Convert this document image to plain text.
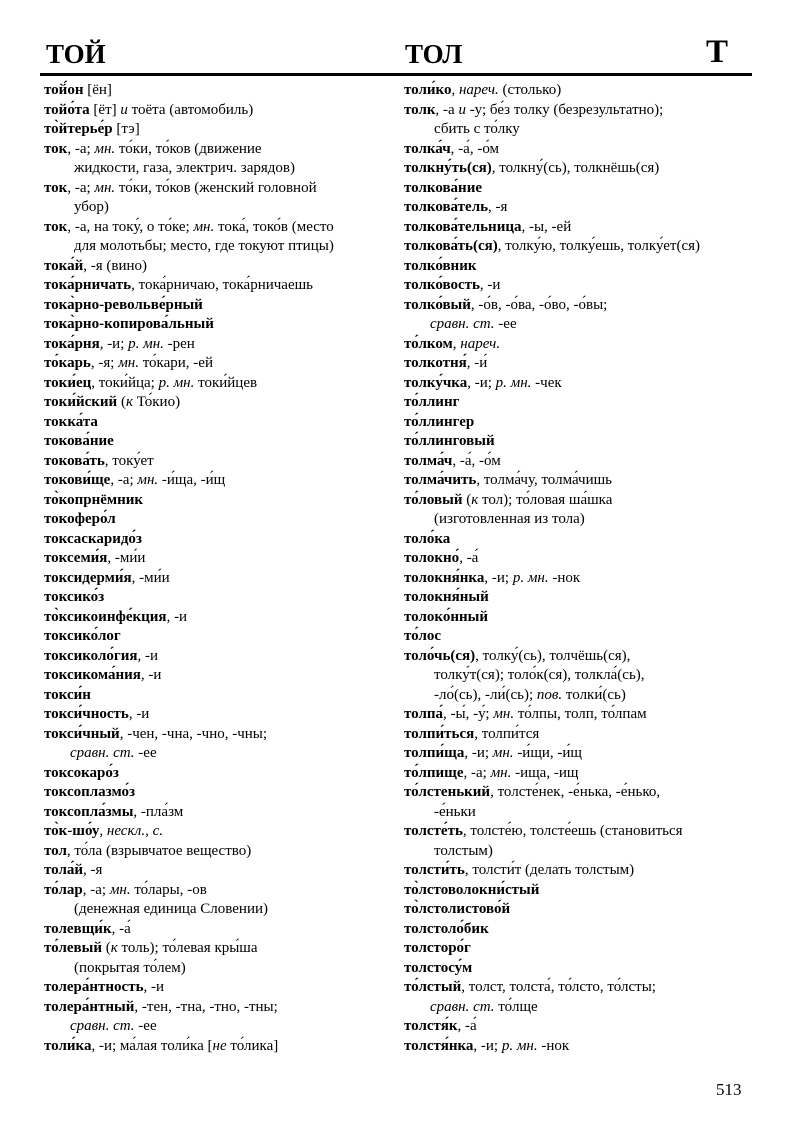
ТОЙ	ТОЛ	Т
той́он [ён]
тойо́та [ёт] и тоёта (автомобиль)
то̀йтерье́р [тэ]
ток, -а; мн. то́ки, то́ков (движение
жидкости, газа, электрич. зарядов)
ток, -а; мн. то́ки, то́ков (женский головной
убор)
ток, -а, на току́, о то́ке; мн. тока́, токо́в (место
для молотьбы; место, где токуют птицы)
тока́й, -я (вино)
тока́рничать, тока́рничаю, тока́рничаешь
тока̀рно-револьве́рный
тока̀рно-копирова́льный
тока́рня, -и; р. мн. -рен
то́карь, -я; мн. то́кари, -ей
токи́ец, токи́йца; р. мн. токи́йцев
токи́йский (к То́кио)
токка́та
токова́ние
токова́ть, току́ет
токови́ще, -а; мн. -и́ща, -и́щ
то̀копрнёмник
токоферо́л
токсаскаридо́з
токсеми́я, -ми́и
токсидерми́я, -ми́и
токсико́з
то̀ксикоинфе́кция, -и
токсико́лог
токсиколо́гия, -и
токсикома́ния, -и
токси́н
токси́чность, -и
токси́чный, -чен, -чна, -чно, -чны;
сравн. ст. -ее
токсокаро́з
токсоплазмо́з
токсопла́змы, -пла́зм
то̀к-шо́у, нескл., с.
тол, то́ла (взрывчатое вещество)
тола́й, -я
то́лар, -а; мн. то́лары, -ов
(денежная единица Словении)
толевщи́к, -а́
то́левый (к толь); то́левая кры́ша
(покрытая то́лем)
толера́нтность, -и
толера́нтный, -тен, -тна, -тно, -тны;
сравн. ст. -ее
толи́ка, -и; ма́лая толи́ка [не то́лика]
толи́ко, нареч. (столько)
толк, -а и -у; бе́з толку (безрезультатно);
сбить с то́лку
толка́ч, -а́, -о́м
толкну́ть(ся), толкну́(сь), толкнёшь(ся)
толкова́ние
толкова́тель, -я
толкова́тельница, -ы, -ей
толкова́ть(ся), толку́ю, толку́ешь, толку́ет(ся)
толко́вник
толко́вость, -и
толко́вый, -о́в, -о́ва, -о́во, -о́вы;
сравн. ст. -ее
то́лком, нареч.
толкотня́, -и́
толку́чка, -и; р. мн. -чек
то́ллинг
то́ллингер
то́ллинговый
толма́ч, -а́, -о́м
толма́чить, толма́чу, толма́чишь
то́ловый (к тол); то́ловая ша́шка
(изготовленная из тола)
толо́ка
толокно́, -а́
толокня́нка, -и; р. мн. -нок
толокня́ный
толоко́нный
то́лос
толо́чь(ся), толку́(сь), толчёшь(ся),
толку́т(ся); толо́к(ся), толкла́(сь),
-ло́(сь), -ли́(сь); пов. толки́(сь)
толпа́, -ы́, -у́; мн. то́лпы, толп, то́лпам
толпи́ться, толпи́тся
толпи́ща, -и; мн. -и́щи, -и́щ
то́лпище, -а; мн. -ища, -ищ
то́лстенький, толсте́нек, -е́нька, -е́нько,
-е́ньки
толсте́ть, толсте́ю, толсте́ешь (становиться
толстым)
толсти́ть, толсти́т (делать толстым)
то̀лстоволокни́стый
то̀лстолистово́й
толстоло́бик
толсторо́г
толстосу́м
то́лстый, толст, толста́, то́лсто, то́лсты;
сравн. ст. то́лще
толстя́к, -а́
толстя́нка, -и; р. мн. -нок
513
